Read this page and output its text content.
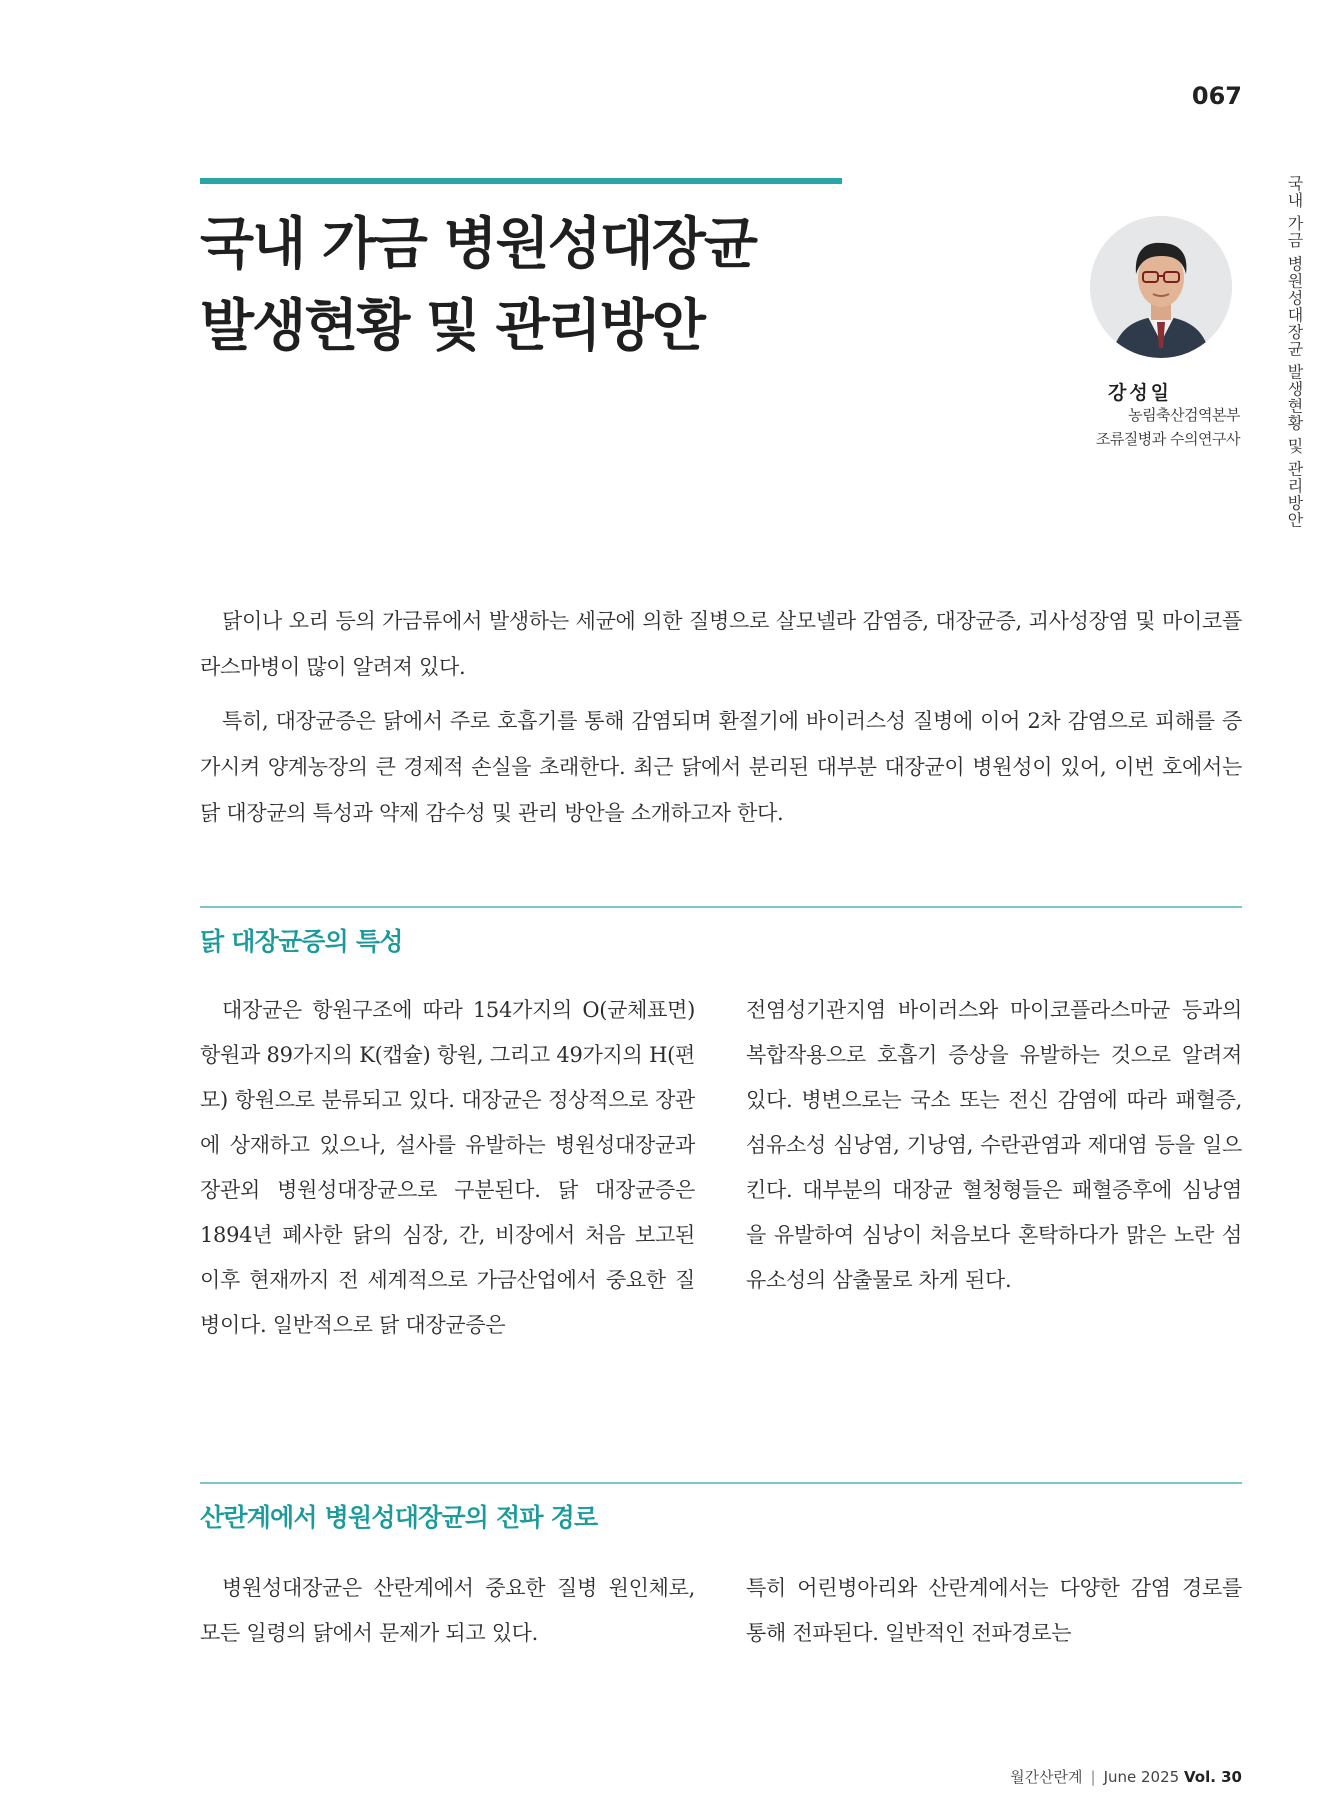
067
국내 가금 병원성대장균
발생현황 및 관리방안	국내 가금 병원성대장균 발생현황 및 관리방안
강성일
농림축산검역본부
조류질병과 수의연구사

닭이나 오리 등의 가금류에서 발생하는 세균에 의한 질병으로 살모넬라 감염증, 대장균증, 괴사성장염 및 마이코플라스마병이 많이 알려져 있다.

특히, 대장균증은 닭에서 주로 호흡기를 통해 감염되며 환절기에 바이러스성 질병에 이어 2차 감염으로 피해를 증가시켜 양계농장의 큰 경제적 손실을 초래한다. 최근 닭에서 분리된 대부분 대장균이 병원성이 있어, 이번 호에서는 닭 대장균의 특성과 약제 감수성 및 관리 방안을 소개하고자 한다.

닭 대장균증의 특성
대장균은 항원구조에 따라 154가지의 O(균체표면) 항원과 89가지의 K(캡슐) 항원, 그리고 49가지의 H(편모) 항원으로 분류되고 있다. 대장균은 정상적으로 장관에 상재하고 있으나, 설사를 유발하는 병원성대장균과 장관외 병원성대장균으로 구분된다. 닭 대장균증은 1894년 폐사한 닭의 심장, 간, 비장에서 처음 보고된 이후 현재까지 전 세계적으로 가금산업에서 중요한 질병이다. 일반적으로 닭 대장균증은
전염성기관지염 바이러스와 마이코플라스마균 등과의 복합작용으로 호흡기 증상을 유발하는 것으로 알려져 있다. 병변으로는 국소 또는 전신 감염에 따라 패혈증, 섬유소성 심낭염, 기낭염, 수란관염과 제대염 등을 일으킨다. 대부분의 대장균 혈청형들은 패혈증후에 심낭염을 유발하여 심낭이 처음보다 혼탁하다가 맑은 노란 섬유소성의 삼출물로 차게 된다.
산란계에서 병원성대장균의 전파 경로
병원성대장균은 산란계에서 중요한 질병 원인체로, 모든 일령의 닭에서 문제가 되고 있다.
특히 어린병아리와 산란계에서는 다양한 감염 경로를 통해 전파된다. 일반적인 전파경로는
월간산란계 | June 2025 Vol. 30
